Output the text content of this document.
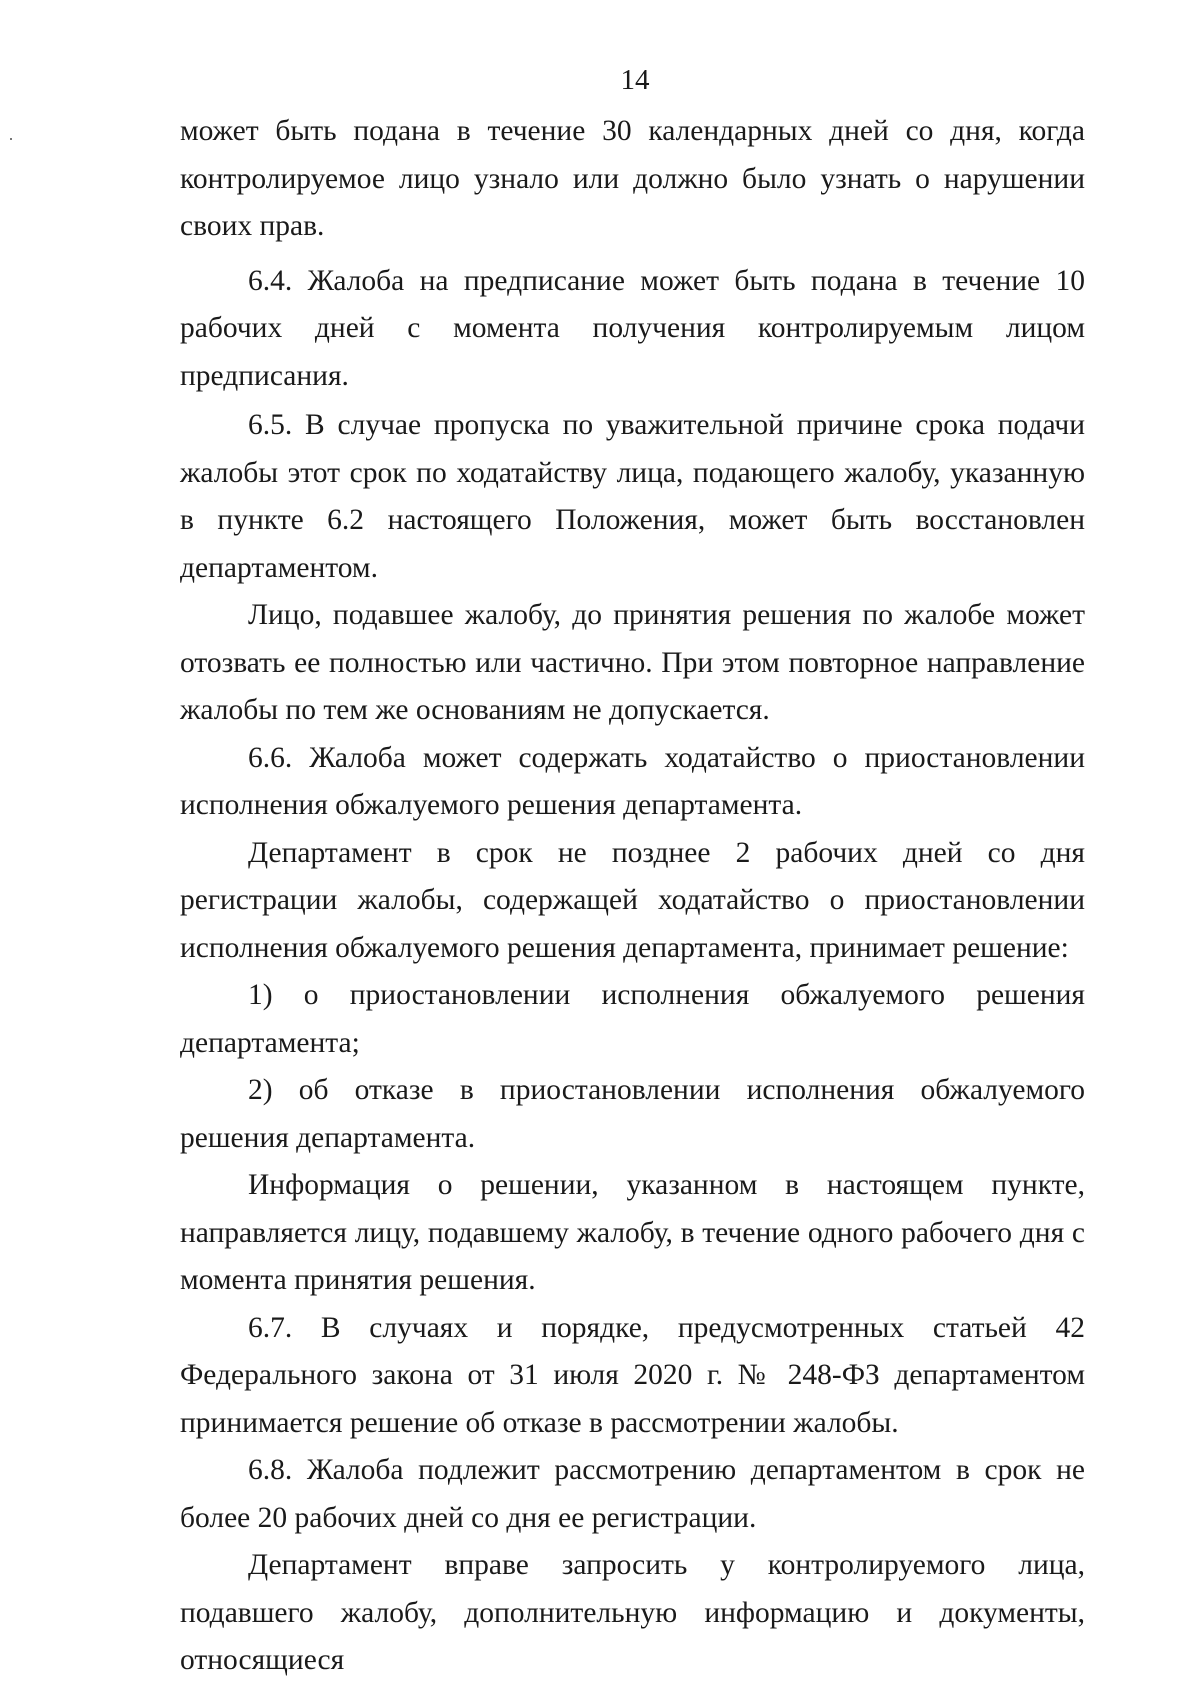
14

может быть подана в течение 30 календарных дней со дня, когда контролируемое лицо узнало или должно было узнать о нарушении своих прав.

6.4. Жалоба на предписание может быть подана в течение 10 рабочих дней с момента получения контролируемым лицом предписания.

6.5. В случае пропуска по уважительной причине срока подачи жалобы этот срок по ходатайству лица, подающего жалобу, указанную в пункте 6.2 настоящего Положения, может быть восстановлен департаментом.

Лицо, подавшее жалобу, до принятия решения по жалобе может отозвать ее полностью или частично. При этом повторное направление жалобы по тем же основаниям не допускается.

6.6. Жалоба может содержать ходатайство о приостановлении исполнения обжалуемого решения департамента.

Департамент в срок не позднее 2 рабочих дней со дня регистрации жалобы, содержащей ходатайство о приостановлении исполнения обжалуемого решения департамента, принимает решение:

1) о приостановлении исполнения обжалуемого решения департамента;

2) об отказе в приостановлении исполнения обжалуемого решения департамента.

Информация о решении, указанном в настоящем пункте, направляется лицу, подавшему жалобу, в течение одного рабочего дня с момента принятия решения.

6.7. В случаях и порядке, предусмотренных статьей 42 Федерального закона от 31 июля 2020 г. № 248-ФЗ департаментом принимается решение об отказе в рассмотрении жалобы.

6.8. Жалоба подлежит рассмотрению департаментом в срок не более 20 рабочих дней со дня ее регистрации.

Департамент вправе запросить у контролируемого лица, подавшего жалобу, дополнительную информацию и документы, относящиеся
